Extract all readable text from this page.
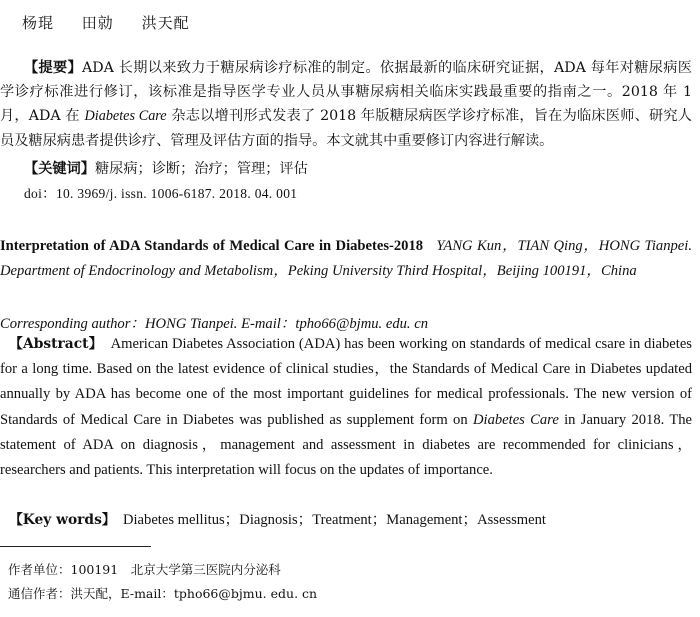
杨琨 田勍 洪天配

【提要】ADA 长期以来致力于糖尿病诊疗标准的制定。依据最新的临床研究证据，ADA 每年对糖尿病医学诊疗标准进行修订，该标准是指导医学专业人员从事糖尿病相关临床实践最重要的指南之一。2018 年 1 月，ADA 在 Diabetes Care 杂志以增刊形式发表了 2018 年版糖尿病医学诊疗标准，旨在为临床医师、研究人员及糖尿病患者提供诊疗、管理及评估方面的指导。本文就其中重要修订内容进行解读。

【关键词】糖尿病；诊断；治疗；管理；评估
doi：10. 3969/j. issn. 1006-6187. 2018. 04. 001

Interpretation of ADA Standards of Medical Care in Diabetes-2018 YANG Kun，TIAN Qing，HONG Tianpei. Department of Endocrinology and Metabolism，Peking University Third Hospital，Beijing 100191，China

Corresponding author：HONG Tianpei. E-mail：tpho66@bjmu. edu. cn

【Abstract】 American Diabetes Association (ADA) has been working on standards of medical csare in diabetes for a long time. Based on the latest evidence of clinical studies，the Standards of Medical Care in Diabetes updated annually by ADA has become one of the most important guidelines for medical professionals. The new version of Standards of Medical Care in Diabetes was published as supplement form on Diabetes Care in January 2018. The statement of ADA on diagnosis，management and assessment in diabetes are recommended for clinicians，researchers and patients. This interpretation will focus on the updates of importance.

【Key words】 Diabetes mellitus；Diagnosis；Treatment；Management；Assessment
作者单位：100191　北京大学第三医院内分泌科
通信作者：洪天配，E-mail：tpho66@bjmu. edu. cn
